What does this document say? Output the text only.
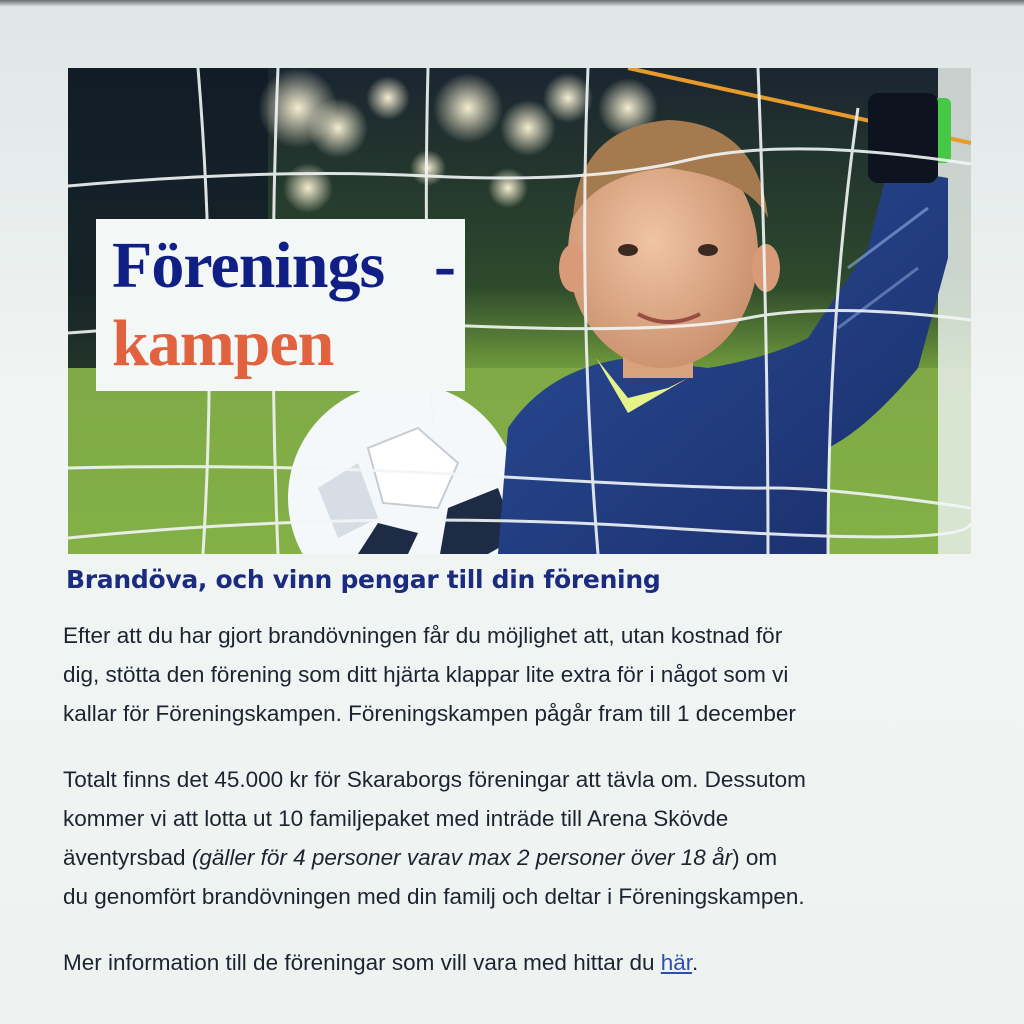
Förenings -
kampen
Brandöva, och vinn pengar till din förening
Efter att du har gjort brandövningen får du möjlighet att, utan kostnad för
dig, stötta den förening som ditt hjärta klappar lite extra för i något som vi
kallar för Föreningskampen. Föreningskampen pågår fram till 1 december
Totalt finns det 45.000 kr för Skaraborgs föreningar att tävla om. Dessutom
kommer vi att lotta ut 10 familjepaket med inträde till Arena Skövde
äventyrsbad (gäller för 4 personer varav max 2 personer över 18 år) om
du genomfört brandövningen med din familj och deltar i Föreningskampen.
Mer information till de föreningar som vill vara med hittar du här.
